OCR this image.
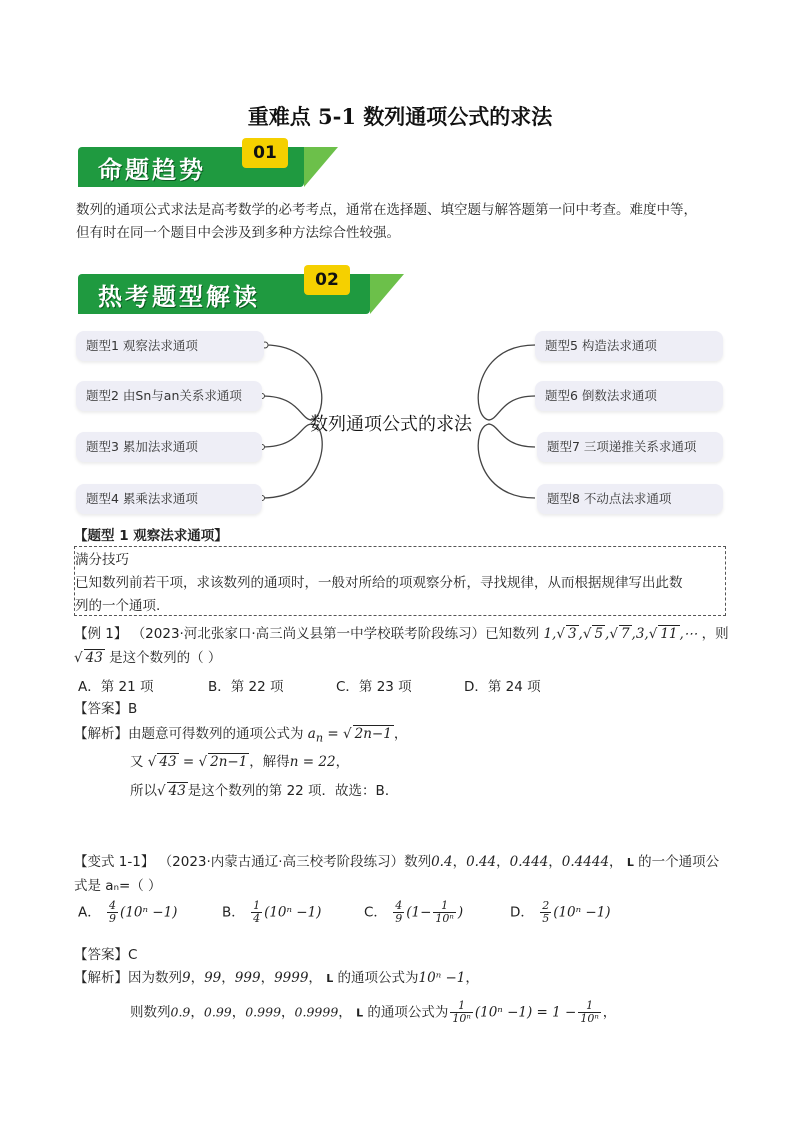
重难点 5-1 数列通项公式的求法
命题趋势
01
数列的通项公式求法是高考数学的必考考点，通常在选择题、填空题与解答题第一问中考查。难度中等，
但有时在同一个题目中会涉及到多种方法综合性较强。
热考题型解读
02
题型1 观察法求通项
题型2 由Sn与an关系求通项
题型3 累加法求通项
题型4 累乘法求通项
题型5 构造法求通项
题型6 倒数法求通项
题型7 三项递推关系求通项
题型8 不动点法求通项
数列通项公式的求法
【题型 1 观察法求通项】
满分技巧
已知数列前若干项，求该数列的通项时，一般对所给的项观察分析，寻找规律，从而根据规律写出此数
列的一个通项.
【例 1】 （2023·河北张家口·高三尚义县第一中学校联考阶段练习）已知数列 1, √ 3 , √ 5 , √ 7 ,3, √ 11 ,⋯ ，则
√ 43 是这个数列的（ ）
A．第 21 项	B．第 22 项	C．第 23 项	D．第 24 项
【答案】B
【解析】由题意可得数列的通项公式为 $a_n$ = √ 2n−1 ，
又 √ 43 = √ 2n−1 ，解得n = 22，
所以 √ 43 是这个数列的第 22 项．故选：B．
【变式 1-1】 （2023·内蒙古通辽·高三校考阶段练习）数列0.4，0.44，0.444，0.4444， L 的一个通项公
式是 aₙ=（ ）
A． $\frac{4}{9} (10^n -1)$	B． $\frac{1}{4} (10^n -1)$	C． $\frac{4}{9} (1- \frac{1}{\text{10ⁿ}}$ )	D． $\frac{2}{5} (10^n -1)$
【答案】C
【解析】因为数列9，99，999，9999， L 的通项公式为10ⁿ −1，
则数列0.9，0.99，0.999，0.9999， L 的通项公式为 $\frac{1}{\text{10ⁿ}} (10^n -1) = 1 - \frac{1}{\text{10ⁿ}}$ ，
